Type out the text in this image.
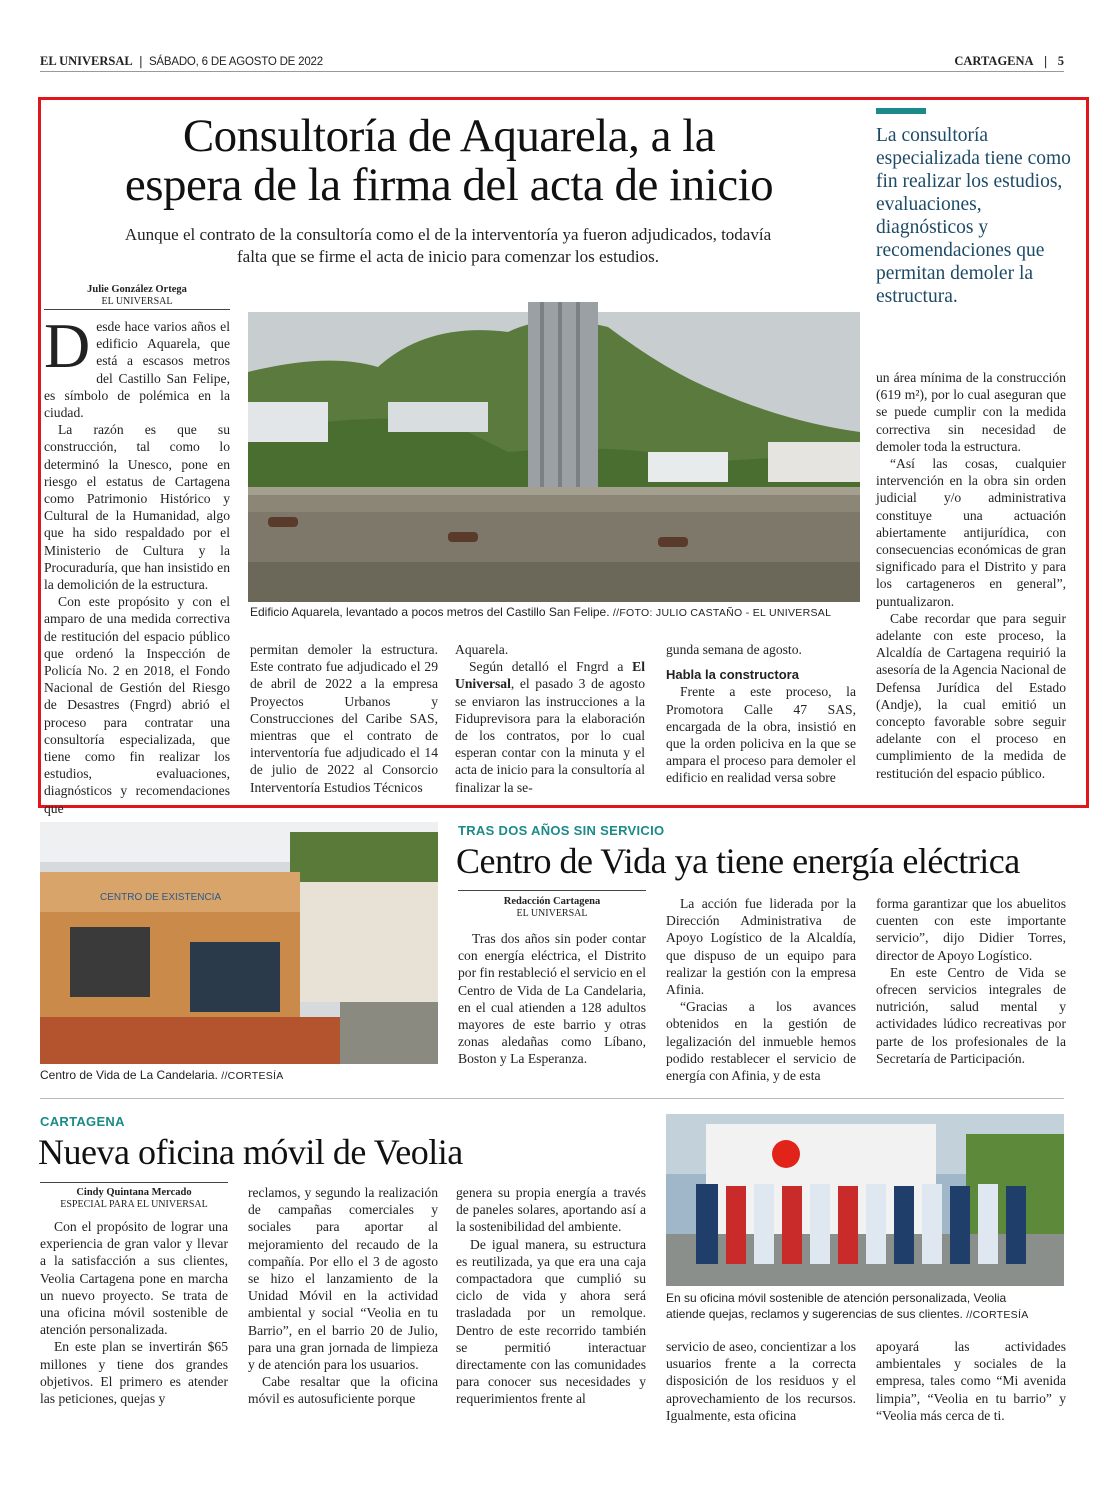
EL UNIVERSAL | SÁBADO, 6 DE AGOSTO DE 2022	CARTAGENA | 5
Consultoría de Aquarela, a la
espera de la firma del acta de inicio
Aunque el contrato de la consultoría como el de la interventoría ya fueron adjudicados, todavía
falta que se firme el acta de inicio para comenzar los estudios.
La consultoría especializada tiene como fin realizar los estudios, evaluaciones, diagnósticos y recomendaciones que permitan demoler la estructura.
Julie González Ortega
EL UNIVERSAL
Edificio Aquarela, levantado a pocos metros del Castillo San Felipe. //FOTO: JULIO CASTAÑO - EL UNIVERSAL

Desde hace varios años el edificio Aquarela, que está a escasos metros del Castillo San Felipe, es símbolo de polémica en la ciudad.

La razón es que su construcción, tal como lo determinó la Unesco, pone en riesgo el estatus de Cartagena como Patrimonio Histórico y Cultural de la Humanidad, algo que ha sido respaldado por el Ministerio de Cultura y la Procuraduría, que han insistido en la demolición de la estructura.

Con este propósito y con el amparo de una medida correctiva de restitución del espacio público que ordenó la Inspección de Policía No. 2 en 2018, el Fondo Nacional de Gestión del Riesgo de Desastres (Fngrd) abrió el proceso para contratar una consultoría especializada, que tiene como fin realizar los estudios, evaluaciones, diagnósticos y recomendaciones que

permitan demoler la estructura. Este contrato fue adjudicado el 29 de abril de 2022 a la empresa Proyectos Urbanos y Construcciones del Caribe SAS, mientras que el contrato de interventoría fue adjudicado el 14 de julio de 2022 al Consorcio Interventoría Estudios Técnicos

Aquarela.

Según detalló el Fngrd a El Universal, el pasado 3 de agosto se enviaron las instrucciones a la Fiduprevisora para la elaboración de los contratos, por lo cual esperan contar con la minuta y el acta de inicio para la consultoría al finalizar la se-

gunda semana de agosto.

Habla la constructora

Frente a este proceso, la Promotora Calle 47 SAS, encargada de la obra, insistió en que la orden policiva en la que se ampara el proceso para demoler el edificio en realidad versa sobre

un área mínima de la construcción (619 m²), por lo cual aseguran que se puede cumplir con la medida correctiva sin necesidad de demoler toda la estructura.

“Así las cosas, cualquier intervención en la obra sin orden judicial y/o administrativa constituye una actuación abiertamente antijurídica, con consecuencias económicas de gran significado para el Distrito y para los cartageneros en general”, puntualizaron.

Cabe recordar que para seguir adelante con este proceso, la Alcaldía de Cartagena requirió la asesoría de la Agencia Nacional de Defensa Jurídica del Estado (Andje), la cual emitió un concepto favorable sobre seguir adelante con el proceso en cumplimiento de la medida de restitución del espacio público.

CENTRO DE EXISTENCIA
Centro de Vida de La Candelaria. //CORTESÍA
TRAS DOS AÑOS SIN SERVICIO
Centro de Vida ya tiene energía eléctrica
Redacción Cartagena
EL UNIVERSAL

Tras dos años sin poder contar con energía eléctrica, el Distrito por fin restableció el servicio en el Centro de Vida de La Candelaria, en el cual atienden a 128 adultos mayores de este barrio y otras zonas aledañas como Líbano, Boston y La Esperanza.

La acción fue liderada por la Dirección Administrativa de Apoyo Logístico de la Alcaldía, que dispuso de un equipo para realizar la gestión con la empresa Afinia.

“Gracias a los avances obtenidos en la gestión de legalización del inmueble hemos podido restablecer el servicio de energía con Afinia, y de esta

forma garantizar que los abuelitos cuenten con este importante servicio”, dijo Didier Torres, director de Apoyo Logístico.

En este Centro de Vida se ofrecen servicios integrales de nutrición, salud mental y actividades lúdico recreativas por parte de los profesionales de la Secretaría de Participación.

CARTAGENA
Nueva oficina móvil de Veolia
Cindy Quintana Mercado
ESPECIAL PARA EL UNIVERSAL

Con el propósito de lograr una experiencia de gran valor y llevar a la satisfacción a sus clientes, Veolia Cartagena pone en marcha un nuevo proyecto. Se trata de una oficina móvil sostenible de atención personalizada.

En este plan se invertirán $65 millones y tiene dos grandes objetivos. El primero es atender las peticiones, quejas y

reclamos, y segundo la realización de campañas comerciales y sociales para aportar al mejoramiento del recaudo de la compañía. Por ello el 3 de agosto se hizo el lanzamiento de la Unidad Móvil en la actividad ambiental y social “Veolia en tu Barrio”, en el barrio 20 de Julio, para una gran jornada de limpieza y de atención para los usuarios.

Cabe resaltar que la oficina móvil es autosuficiente porque

genera su propia energía a través de paneles solares, aportando así a la sostenibilidad del ambiente.

De igual manera, su estructura es reutilizada, ya que era una caja compactadora que cumplió su ciclo de vida y ahora será trasladada por un remolque. Dentro de este recorrido también se permitió interactuar directamente con las comunidades para conocer sus necesidades y requerimientos frente al

En su oficina móvil sostenible de atención personalizada, Veolia
atiende quejas, reclamos y sugerencias de sus clientes. //CORTESÍA

servicio de aseo, concientizar a los usuarios frente a la correcta disposición de los residuos y el aprovechamiento de los recursos. Igualmente, esta oficina

apoyará las actividades ambientales y sociales de la empresa, tales como “Mi avenida limpia”, “Veolia en tu barrio” y “Veolia más cerca de ti.
